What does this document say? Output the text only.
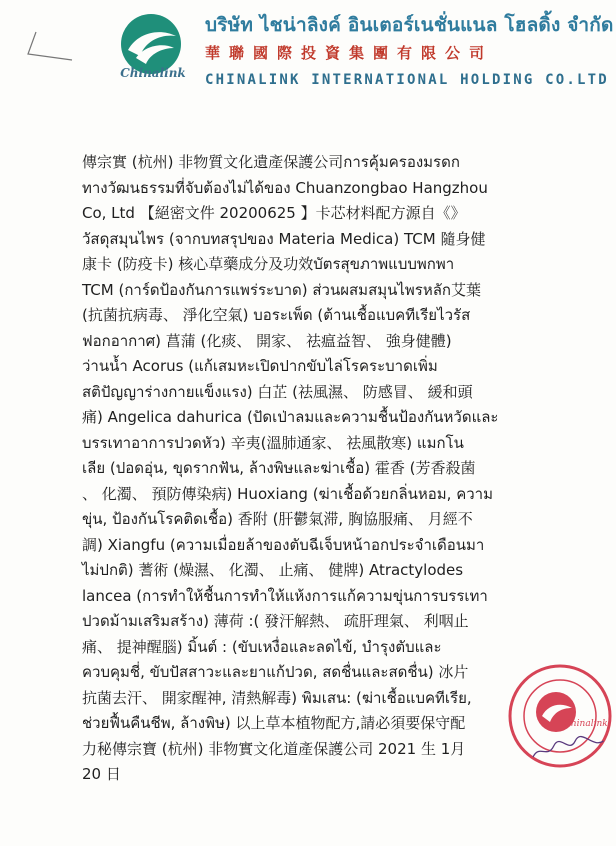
Chinalink
บริษัท ไชน่าลิงค์ อินเตอร์เนชั่นแนล โฮลดิ้ง จำกัด
華聯國際投資集團有限公司
CHINALINK INTERNATIONAL HOLDING CO.LTD
傳宗實 (杭州) 非物質文化遺產保護公司การคุ้มครองมรดก
ทางวัฒนธรรมที่จับต้องไม่ได้ของ Chuanzongbao Hangzhou
Co, Ltd 【絕密文件 20200625 】卡芯材料配方源自《》
วัสดุสมุนไพร (จากบทสรุปของ Materia Medica) TCM 隨身健
康卡 (防疫卡) 核心草藥成分及功效บัตรสุขภาพแบบพกพา
TCM (การ์ดป้องกันการแพร่ระบาด) ส่วนผสมสมุนไพรหลัก艾葉
(抗菌抗病毒、 淨化空氣) บอระเพ็ด (ต้านเชื้อแบคทีเรียไวรัส
ฟอกอากาศ) 菖蒲 (化痰、 開家、 祛瘟益智、 強身健體)
ว่านน้ำ Acorus (แก้เสมหะเปิดปากขับไล่โรคระบาดเพิ่ม
สติปัญญาร่างกายแข็งแรง) 白芷 (祛風濕、 防感冒、 緩和頭
痛) Angelica dahurica (ปัดเป่าลมและความชื้นป้องกันหวัดและ
บรรเทาอาการปวดหัว) 辛夷(溫肺通家、 祛風散寒) แมกโน
เลีย (ปอดอุ่น, ขุดรากฟัน, ล้างพิษและฆ่าเชื้อ) 霍香 (芳香殺菌
、 化濁、 預防傳染病) Huoxiang (ฆ่าเชื้อด้วยกลิ่นหอม, ความ
ขุ่น, ป้องกันโรคติดเชื้อ) 香附 (肝鬱氣滞, 胸協服痛、 月經不
調) Xiangfu (ความเมื่อยล้าของตับฉีเจ็บหน้าอกประจำเดือนมา
ไม่ปกติ) 蓍術 (燥濕、 化濁、 止痛、 健牌) Atractylodes
lancea (การทำให้ชื้นการทำให้แห้งการแก้ความขุ่นการบรรเทา
ปวดม้ามเสริมสร้าง) 薄荷 :( 發汗解熱、 疏肝理氣、 利咽止
痛、 提神醒腦) มิ้นต์ : (ขับเหงื่อและลดไข้, บำรุงตับและ
ควบคุมชี่, ขับปัสสาวะและยาแก้ปวด, สดชื่นและสดชื่น) 冰片
抗菌去汗、 開家醒神, 清熱解毒) พิมเสน: (ฆ่าเชื้อแบคทีเรีย,
ช่วยฟื้นคืนชีพ, ล้างพิษ) 以上草本植物配方,請必須要保守配
力秘傳宗寶 (杭州) 非物實文化道產保護公司 2021 生 1月
20 日
Chinalink
